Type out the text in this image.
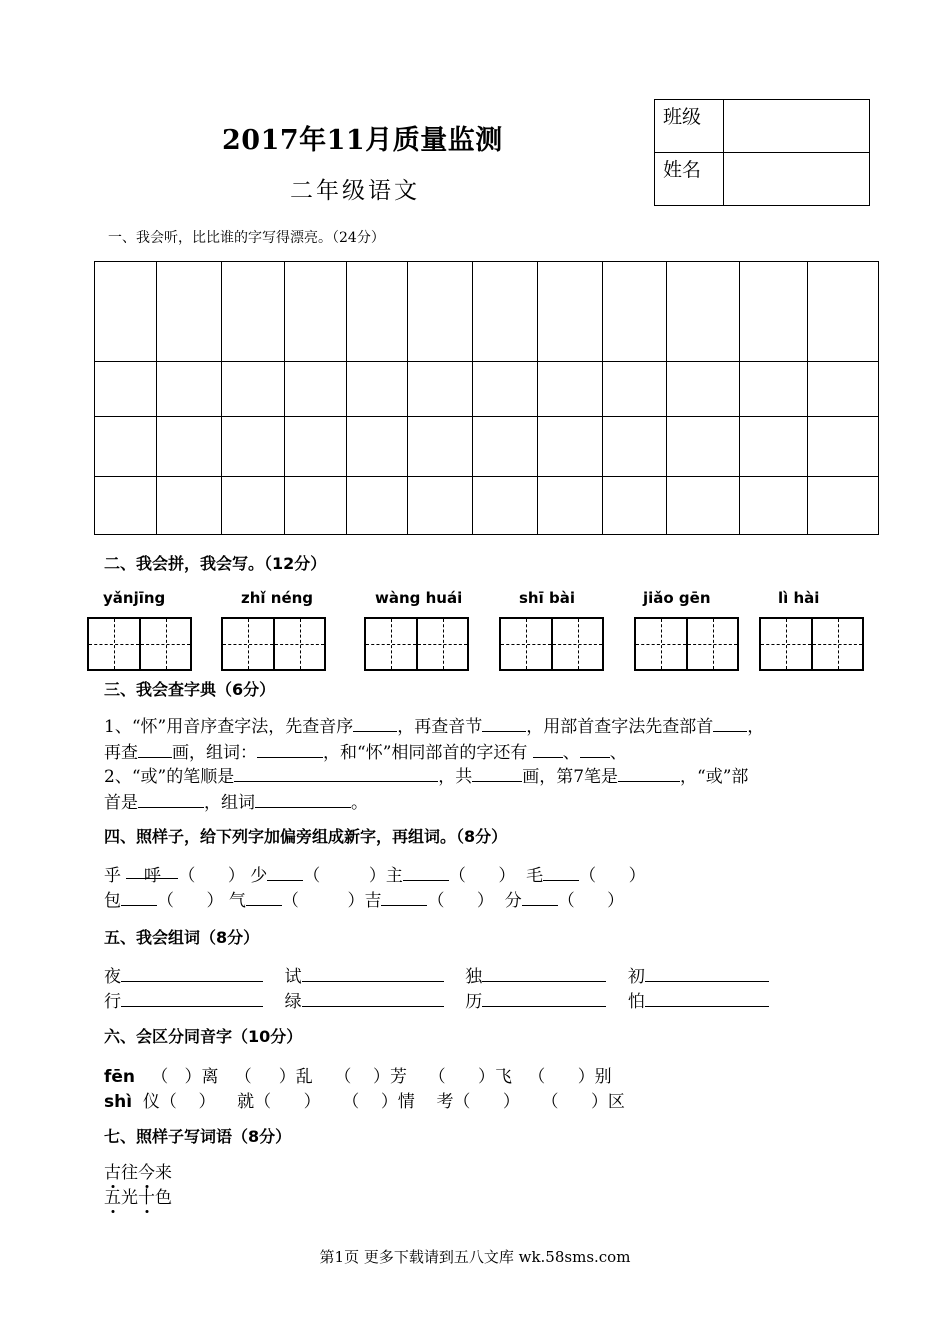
2017年11月质量监测
二年级语文
班级	
姓名	
一、我会听，比比谁的字写得漂亮。（24分）

二、我会拼，我会写。（12分）
yǎnjīng	zhǐ néng	wàng huái	shī bài	jiǎo gēn	lì hài
三、我会查字典（6分）
1、“怀”用音序查字法，先查音序	，再查音节	，用部首查字法先查部首 ，
再查 画，组词：	，和“怀”相同部首的字还有 、 、
2、“或”的笔顺是	，共	画，第7笔是	，“或”部
首是	，组词	。
四、照样子，给下列字加偏旁组成新字，再组词。（8分）
乎 呼 （ ） 少 （	）主	（ ） 毛 （ ）
包 （ ） 气 （	）吉	（ ） 分 （ ）
五、我会组词（8分）
夜	试	独	初
行	绿	历	怕
六、会区分同音字（10分）
fēn （ ）离 （ ）乱 （ ）芳 （ ）飞 （ ）别
shì 仪（ ） 就（ ） （ ）情 考（ ） （ ）区
七、照样子写词语（8分）
古往今来
五光十色
第1页 更多下载请到五八文库 wk.58sms.com
